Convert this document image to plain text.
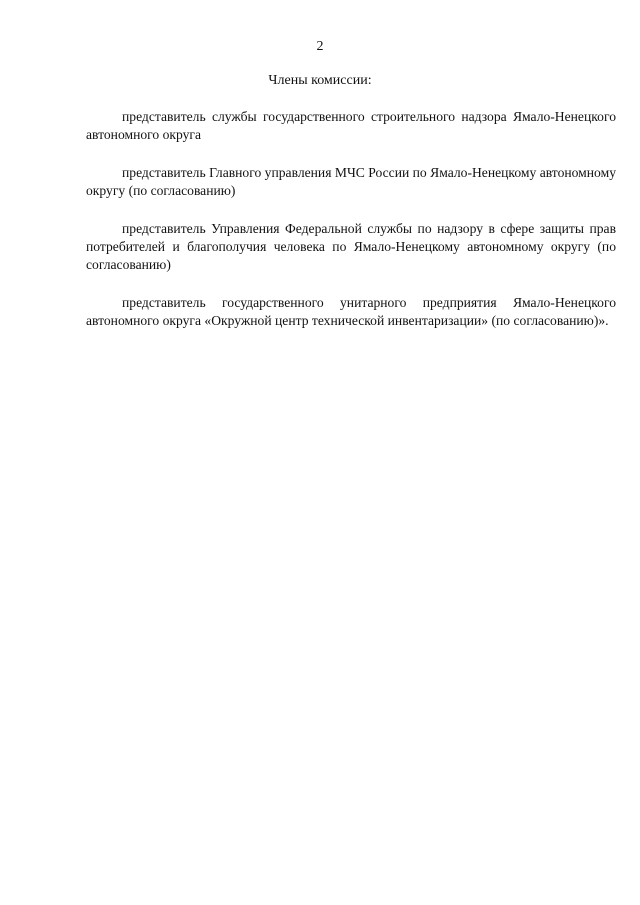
2
Члены комиссии:

представитель службы государственного строительного надзора Ямало-Ненецкого автономного округа

представитель Главного управления МЧС России по Ямало-Ненецкому автономному округу (по согласованию)

представитель Управления Федеральной службы по надзору в сфере защиты прав потребителей и благополучия человека по Ямало-Ненецкому автономному округу (по согласованию)

представитель государственного унитарного предприятия Ямало-Ненецкого автономного округа «Окружной центр технической инвентаризации» (по согласованию)».
